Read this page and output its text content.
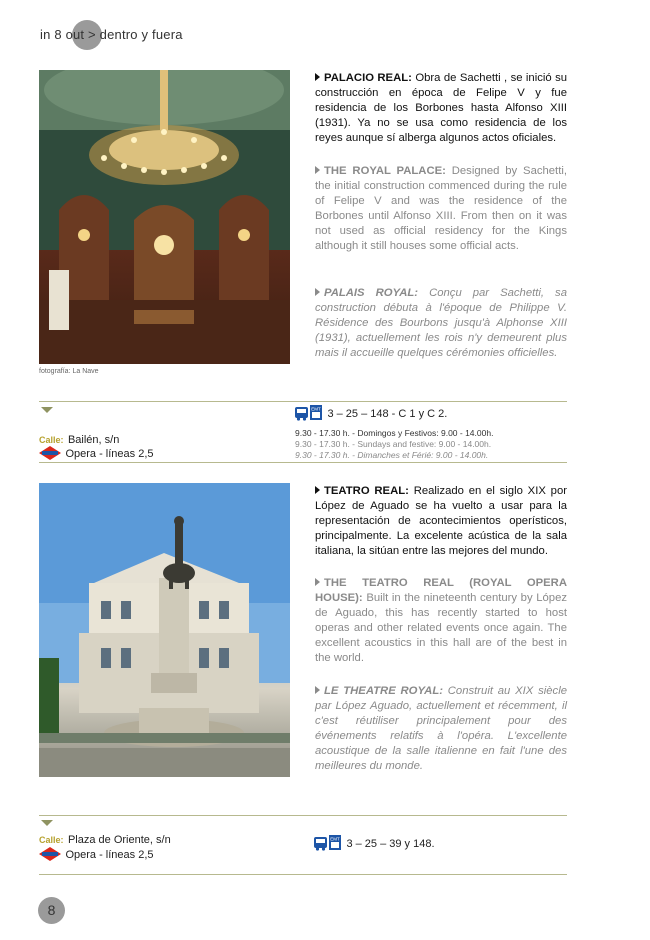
in 8 out > dentro y fuera
fotografía: La Nave

PALACIO REAL: Obra de Sachetti , se inició su construcción en época de Felipe V y fue residencia de los Borbones hasta Alfonso XIII (1931). Ya no se usa como residencia de los reyes aunque sí alberga algunos actos oficiales.

THE ROYAL PALACE: Designed by Sachetti, the initial construction commenced during the rule of Felipe V and was the residence of the Borbones until Alfonso XIII. From then on it was not used as official residency for the Kings although it still houses some official acts.

PALAIS ROYAL: Conçu par Sachetti, sa construction débuta à l'époque de Philippe V. Résidence des Bourbons jusqu'à Alphonse XIII (1931), actuellement les rois n'y demeurent plus mais il accueille quelques cérémonies officielles.

Calle: Bailén, s/n
Opera - líneas 2,5
EMT 3 – 25 – 148 - C 1 y C 2.
9.30 - 17.30 h. - Domingos y Festivos: 9.00 - 14.00h.
9.30 - 17.30 h. - Sundays and festive: 9.00 - 14.00h.
9.30 - 17.30 h. - Dimanches et Férié: 9.00 - 14.00h.

TEATRO REAL: Realizado en el siglo XIX por López de Aguado se ha vuelto a usar para la representación de acontecimientos operísticos, principalmente. La excelente acústica de la sala italiana, la sitúan entre las mejores del mundo.

THE TEATRO REAL (ROYAL OPERA HOUSE): Built in the nineteenth century by López de Aguado, this has recently started to host operas and other related events once again. The excellent acoustics in this hall are of the best in the world.

LE THEATRE ROYAL: Construit au XIX siècle par López Aguado, actuellement et récemment, il c'est réutiliser principalement pour des événements relatifs à l'opéra. L'excellente acoustique de la salle italienne en fait l'une des meilleures du monde.

Calle: Plaza de Oriente, s/n
Opera - líneas 2,5
EMT 3 – 25 – 39 y 148.
8
